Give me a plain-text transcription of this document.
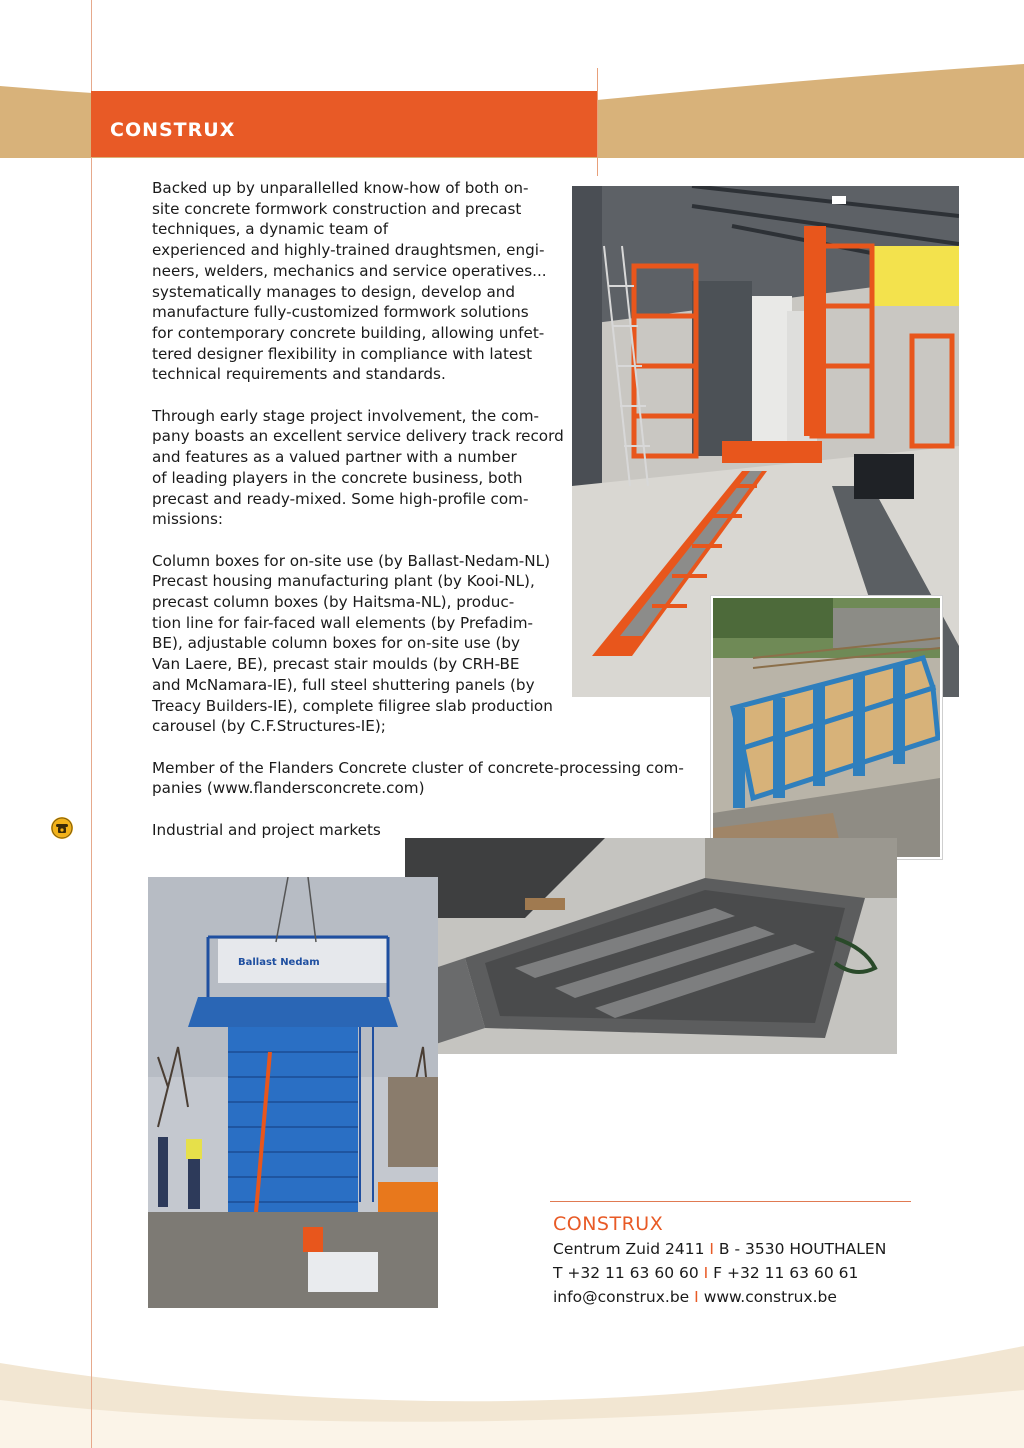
CONSTRUX

Backed up by unparallelled know-how of both on-
site concrete formwork construction and precast
techniques, a dynamic team of
experienced and highly-trained draughtsmen, engi-
neers, welders, mechanics and service operatives...
systematically manages to design, develop and
manufacture fully-customized formwork solutions
for contemporary concrete building, allowing unfet-
tered designer flexibility in compliance with latest
technical requirements and standards.

Through early stage project involvement, the com-
pany boasts an excellent service delivery track record
and features as a valued partner with a number
of leading players in the concrete business, both
precast and ready-mixed. Some high-profile com-
missions:

Column boxes for on-site use (by Ballast-Nedam-NL)
Precast housing manufacturing plant (by Kooi-NL),
precast column boxes (by Haitsma-NL), produc-
tion line for fair-faced wall elements (by Prefadim-
BE), adjustable column boxes for on-site use (by
Van Laere, BE), precast stair moulds (by CRH-BE
and McNamara-IE), full steel shuttering panels (by
Treacy Builders-IE), complete filigree slab production
carousel (by C.F.Structures-IE);

Member of the Flanders Concrete cluster of concrete-processing com-
panies (www.flandersconcrete.com)

Industrial and project markets

Ballast Nedam
CONSTRUX
Centrum Zuid 2411 I B - 3530 HOUTHALEN
T +32 11 63 60 60 I F +32 11 63 60 61
info@construx.be I www.construx.be
